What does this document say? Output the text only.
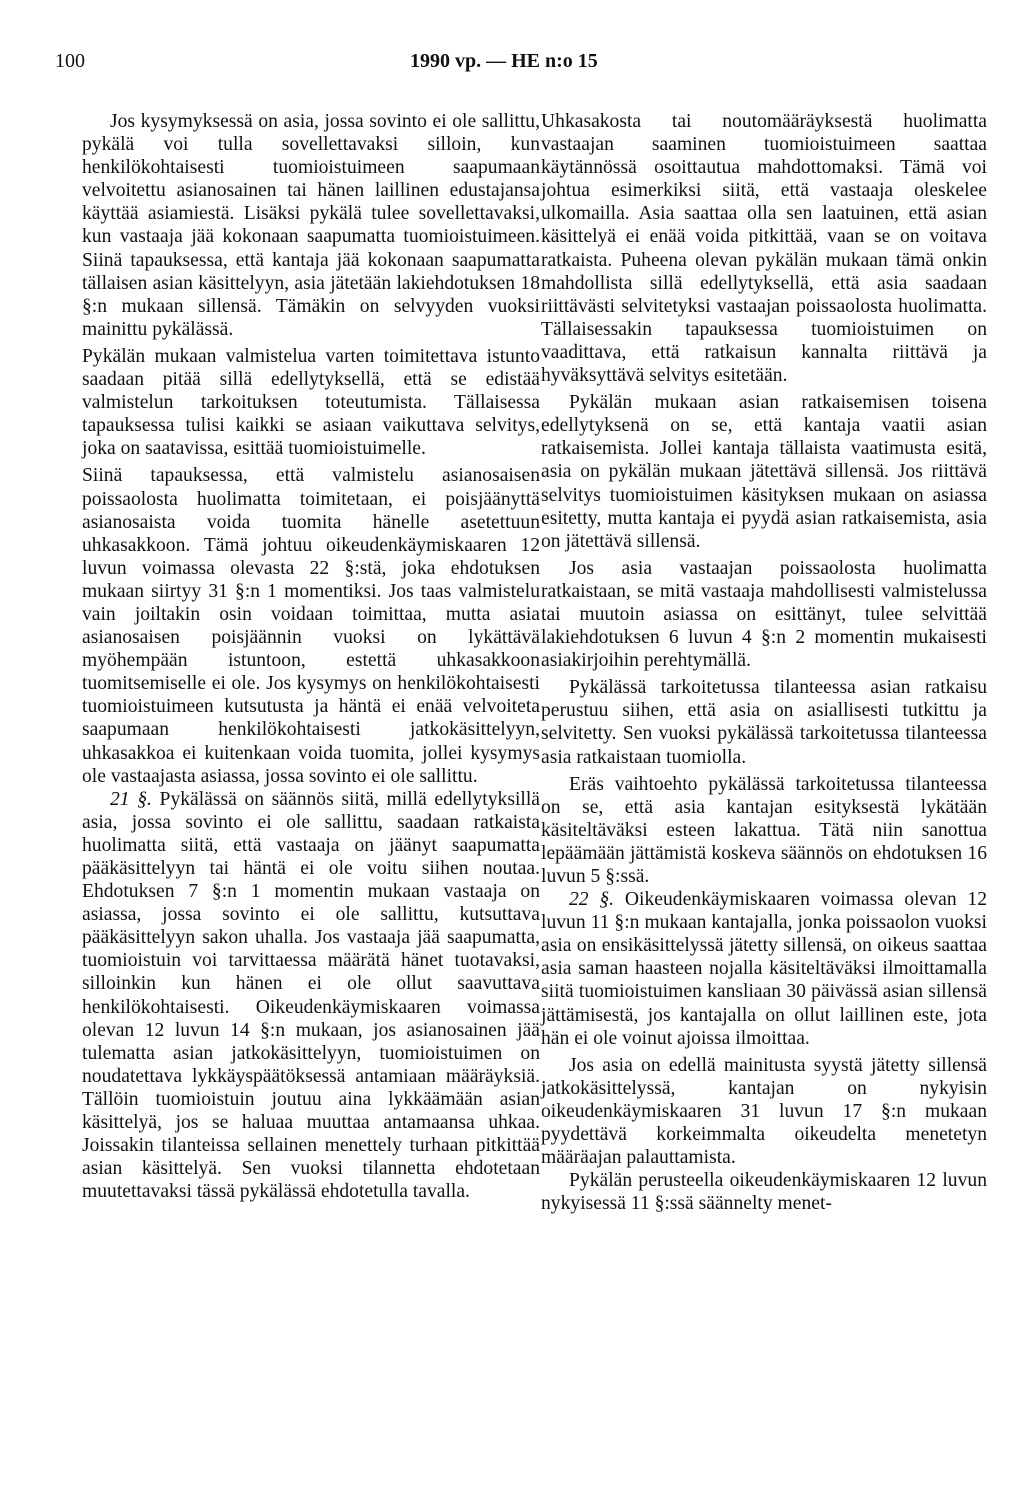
100	1990 vp. — HE n:o 15

Jos kysymyksessä on asia, jossa sovinto ei ole sallittu, pykälä voi tulla sovellettavaksi silloin, kun henkilökohtaisesti tuomioistuimeen saapumaan velvoitettu asianosainen tai hänen laillinen edustajansa käyttää asiamiestä. Lisäksi pykälä tulee sovellettavaksi, kun vastaaja jää kokonaan saapumatta tuomioistuimeen. Siinä tapauksessa, että kantaja jää kokonaan saapumatta tällaisen asian käsittelyyn, asia jätetään lakiehdotuksen 18 §:n mukaan sillensä. Tämäkin on selvyyden vuoksi mainittu pykälässä.

Pykälän mukaan valmistelua varten toimitettava istunto saadaan pitää sillä edellytyksellä, että se edistää valmistelun tarkoituksen toteutumista. Tällaisessa tapauksessa tulisi kaikki se asiaan vaikuttava selvitys, joka on saatavissa, esittää tuomioistuimelle.

Siinä tapauksessa, että valmistelu asianosaisen poissaolosta huolimatta toimitetaan, ei poisjäänyttä asianosaista voida tuomita hänelle asetettuun uhkasakkoon. Tämä johtuu oikeudenkäymiskaaren 12 luvun voimassa olevasta 22 §:stä, joka ehdotuksen mukaan siirtyy 31 §:n 1 momentiksi. Jos taas valmistelu vain joiltakin osin voidaan toimittaa, mutta asia asianosaisen poisjäännin vuoksi on lykättävä myöhempään istuntoon, estettä uhkasakkoon tuomitsemiselle ei ole. Jos kysymys on henkilökohtaisesti tuomioistuimeen kutsutusta ja häntä ei enää velvoiteta saapumaan henkilökohtaisesti jatkokäsittelyyn, uhkasakkoa ei kuitenkaan voida tuomita, jollei kysymys ole vastaajasta asiassa, jossa sovinto ei ole sallittu.

21 §. Pykälässä on säännös siitä, millä edellytyksillä asia, jossa sovinto ei ole sallittu, saadaan ratkaista huolimatta siitä, että vastaaja on jäänyt saapumatta pääkäsittelyyn tai häntä ei ole voitu siihen noutaa. Ehdotuksen 7 §:n 1 momentin mukaan vastaaja on asiassa, jossa sovinto ei ole sallittu, kutsuttava pääkäsittelyyn sakon uhalla. Jos vastaaja jää saapumatta, tuomioistuin voi tarvittaessa määrätä hänet tuotavaksi, silloinkin kun hänen ei ole ollut saavuttava henkilökohtaisesti. Oikeudenkäymiskaaren voimassa olevan 12 luvun 14 §:n mukaan, jos asianosainen jää tulematta asian jatkokäsittelyyn, tuomioistuimen on noudatettava lykkäyspäätöksessä antamiaan määräyksiä. Tällöin tuomioistuin joutuu aina lykkäämään asian käsittelyä, jos se haluaa muuttaa antamaansa uhkaa. Joissakin tilanteissa sellainen menettely turhaan pitkittää asian käsittelyä. Sen vuoksi tilannetta ehdotetaan muutettavaksi tässä pykälässä ehdotetulla tavalla.

Uhkasakosta tai noutomääräyksestä huolimatta vastaajan saaminen tuomioistuimeen saattaa käytännössä osoittautua mahdottomaksi. Tämä voi johtua esimerkiksi siitä, että vastaaja oleskelee ulkomailla. Asia saattaa olla sen laatuinen, että asian käsittelyä ei enää voida pitkittää, vaan se on voitava ratkaista. Puheena olevan pykälän mukaan tämä onkin mahdollista sillä edellytyksellä, että asia saadaan riittävästi selvitetyksi vastaajan poissaolosta huolimatta. Tällaisessakin tapauksessa tuomioistuimen on vaadittava, että ratkaisun kannalta riittävä ja hyväksyttävä selvitys esitetään.

Pykälän mukaan asian ratkaisemisen toisena edellytyksenä on se, että kantaja vaatii asian ratkaisemista. Jollei kantaja tällaista vaatimusta esitä, asia on pykälän mukaan jätettävä sillensä. Jos riittävä selvitys tuomioistuimen käsityksen mukaan on asiassa esitetty, mutta kantaja ei pyydä asian ratkaisemista, asia on jätettävä sillensä.

Jos asia vastaajan poissaolosta huolimatta ratkaistaan, se mitä vastaaja mahdollisesti valmistelussa tai muutoin asiassa on esittänyt, tulee selvittää lakiehdotuksen 6 luvun 4 §:n 2 momentin mukaisesti asiakirjoihin perehtymällä.

Pykälässä tarkoitetussa tilanteessa asian ratkaisu perustuu siihen, että asia on asiallisesti tutkittu ja selvitetty. Sen vuoksi pykälässä tarkoitetussa tilanteessa asia ratkaistaan tuomiolla.

Eräs vaihtoehto pykälässä tarkoitetussa tilanteessa on se, että asia kantajan esityksestä lykätään käsiteltäväksi esteen lakattua. Tätä niin sanottua lepäämään jättämistä koskeva säännös on ehdotuksen 16 luvun 5 §:ssä.

22 §. Oikeudenkäymiskaaren voimassa olevan 12 luvun 11 §:n mukaan kantajalla, jonka poissaolon vuoksi asia on ensikäsittelyssä jätetty sillensä, on oikeus saattaa asia saman haasteen nojalla käsiteltäväksi ilmoittamalla siitä tuomioistuimen kansliaan 30 päivässä asian sillensä jättämisestä, jos kantajalla on ollut laillinen este, jota hän ei ole voinut ajoissa ilmoittaa.

Jos asia on edellä mainitusta syystä jätetty sillensä jatkokäsittelyssä, kantajan on nykyisin oikeudenkäymiskaaren 31 luvun 17 §:n mukaan pyydettävä korkeimmalta oikeudelta menetetyn määräajan palauttamista.

Pykälän perusteella oikeudenkäymiskaaren 12 luvun nykyisessä 11 §:ssä säännelty menet-
